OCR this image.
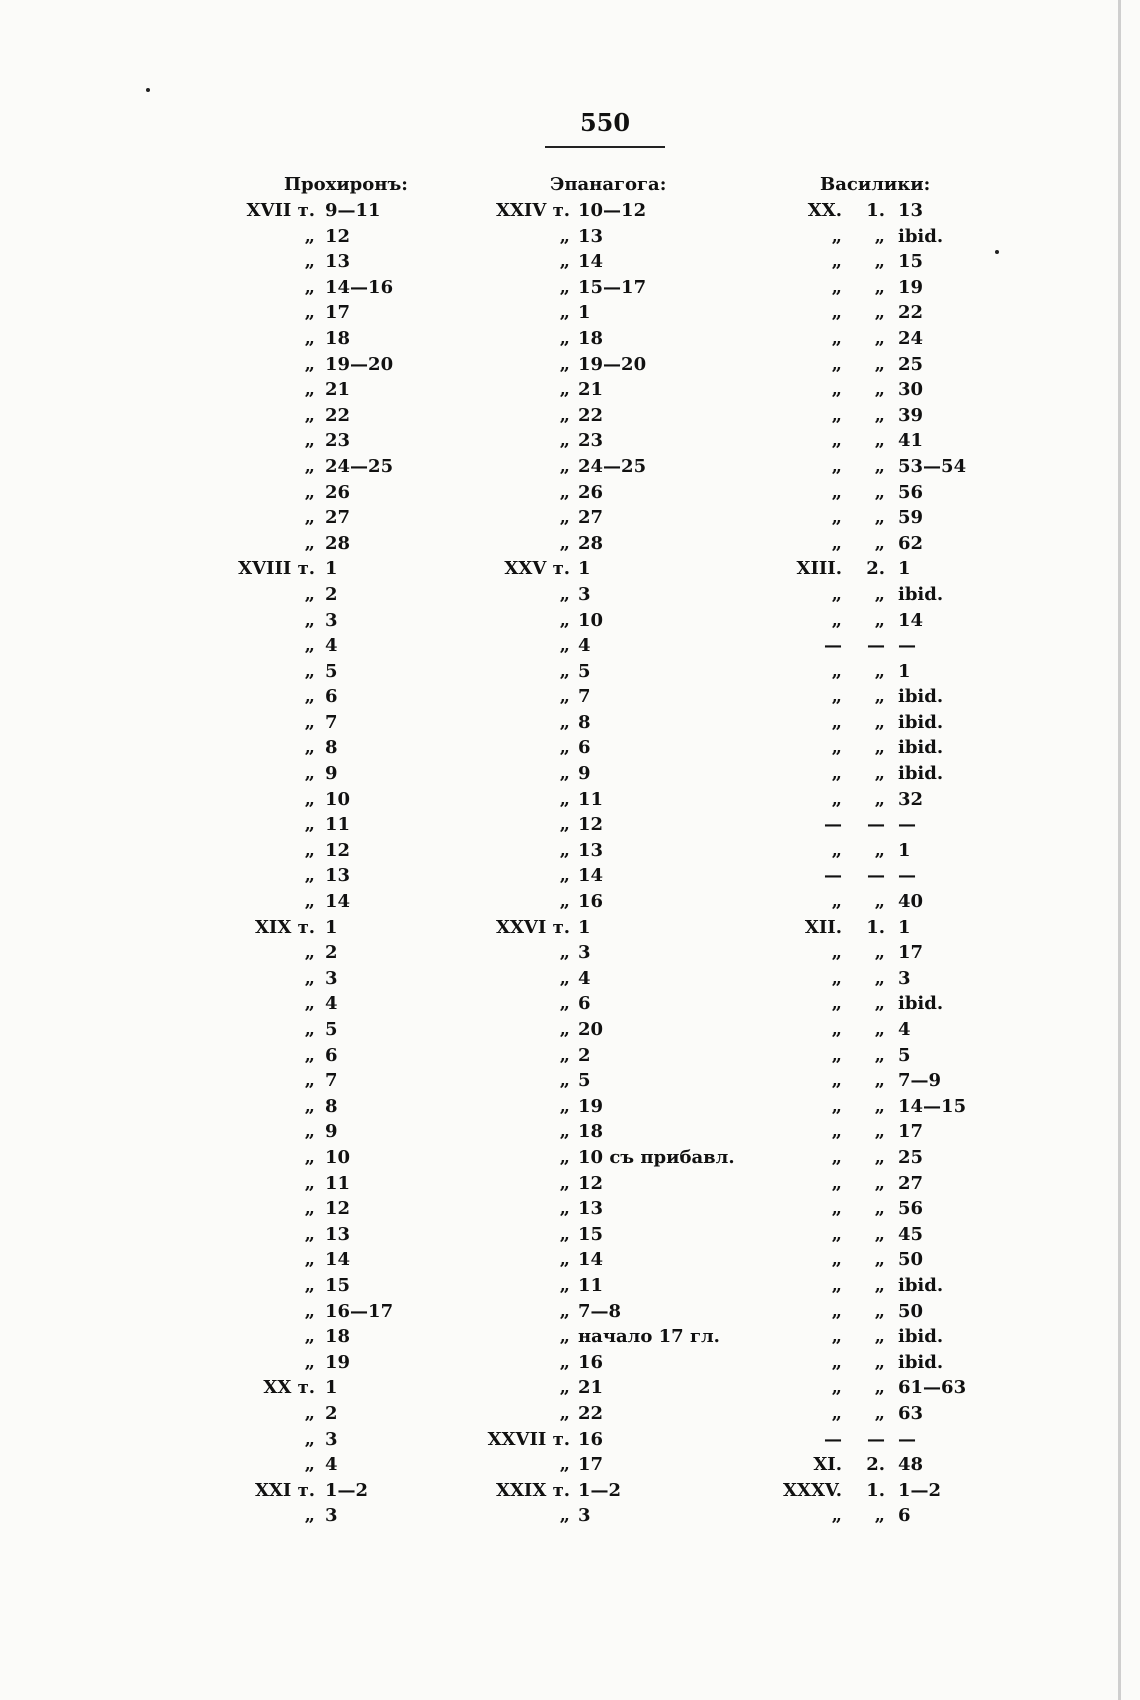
550
Прохиронъ:	Эпанагога:	Василики:
XVII т. 9—11
„ 12
„ 13
„ 14—16
„ 17
„ 18
„ 19—20
„ 21
„ 22
„ 23
„ 24—25
„ 26
„ 27
„ 28
XVIII т. 1
„ 2
„ 3
„ 4
„ 5
„ 6
„ 7
„ 8
„ 9
„ 10
„ 11
„ 12
„ 13
„ 14
XIX т. 1
„ 2
„ 3
„ 4
„ 5
„ 6
„ 7
„ 8
„ 9
„ 10
„ 11
„ 12
„ 13
„ 14
„ 15
„ 16—17
„ 18
„ 19
XX т. 1
„ 2
„ 3
„ 4
XXI т. 1—2
„ 3
XXIV т. 10—12
„ 13
„ 14
„ 15—17
„ 1
„ 18
„ 19—20
„ 21
„ 22
„ 23
„ 24—25
„ 26
„ 27
„ 28
XXV т. 1
„ 3
„ 10
„ 4
„ 5
„ 7
„ 8
„ 6
„ 9
„ 11
„ 12
„ 13
„ 14
„ 16
XXVI т. 1
„ 3
„ 4
„ 6
„ 20
„ 2
„ 5
„ 19
„ 18
„ 10 съ прибавл.
„ 12
„ 13
„ 15
„ 14
„ 11
„ 7—8
„ начало 17 гл.
„ 16
„ 21
„ 22
XXVII т. 16
„ 17
XXIX т. 1—2
„ 3
XX. 1. 13
„ „ ibid.
„ „ 15
„ „ 19
„ „ 22
„ „ 24
„ „ 25
„ „ 30
„ „ 39
„ „ 41
„ „ 53—54
„ „ 56
„ „ 59
„ „ 62
XIII. 2. 1
„ „ ibid.
„ „ 14
— — —
„ „ 1
„ „ ibid.
„ „ ibid.
„ „ ibid.
„ „ ibid.
„ „ 32
— — —
„ „ 1
— — —
„ „ 40
XII. 1. 1
„ „ 17
„ „ 3
„ „ ibid.
„ „ 4
„ „ 5
„ „ 7—9
„ „ 14—15
„ „ 17
„ „ 25
„ „ 27
„ „ 56
„ „ 45
„ „ 50
„ „ ibid.
„ „ 50
„ „ ibid.
„ „ ibid.
„ „ 61—63
„ „ 63
— — —
XI. 2. 48
XXXV. 1. 1—2
„ „ 6
